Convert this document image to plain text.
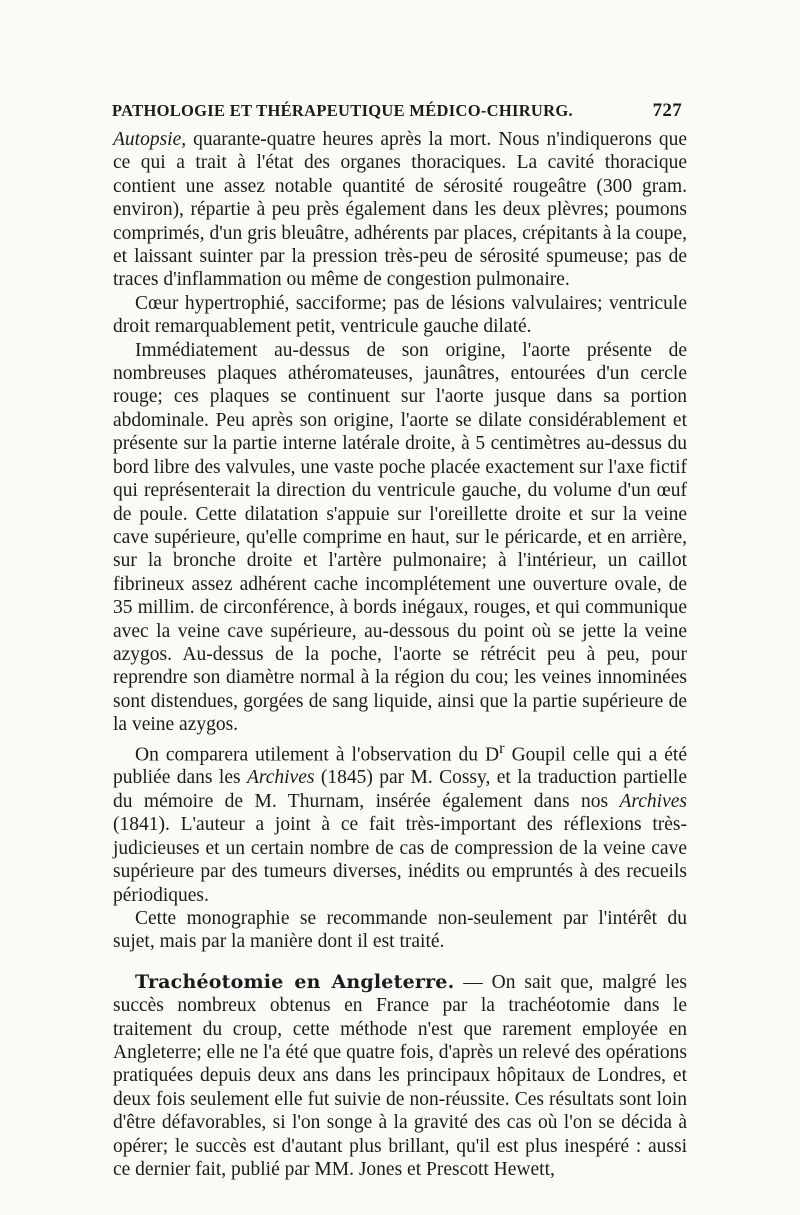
PATHOLOGIE ET THÉRAPEUTIQUE MÉDICO-CHIRURG.	727

Autopsie, quarante-quatre heures après la mort. Nous n'indiquerons que ce qui a trait à l'état des organes thoraciques. La cavité thoracique contient une assez notable quantité de sérosité rougeâtre (300 gram. environ), répartie à peu près également dans les deux plèvres; poumons comprimés, d'un gris bleuâtre, adhérents par places, crépitants à la coupe, et laissant suinter par la pression très-peu de sérosité spumeuse; pas de traces d'inflammation ou même de congestion pulmonaire.

Cœur hypertrophié, sacciforme; pas de lésions valvulaires; ventricule droit remarquablement petit, ventricule gauche dilaté.

Immédiatement au-dessus de son origine, l'aorte présente de nombreuses plaques athéromateuses, jaunâtres, entourées d'un cercle rouge; ces plaques se continuent sur l'aorte jusque dans sa portion abdominale. Peu après son origine, l'aorte se dilate considérablement et présente sur la partie interne latérale droite, à 5 centimètres au-dessus du bord libre des valvules, une vaste poche placée exactement sur l'axe fictif qui représenterait la direction du ventricule gauche, du volume d'un œuf de poule. Cette dilatation s'appuie sur l'oreillette droite et sur la veine cave supérieure, qu'elle comprime en haut, sur le péricarde, et en arrière, sur la bronche droite et l'artère pulmonaire; à l'intérieur, un caillot fibrineux assez adhérent cache incomplétement une ouverture ovale, de 35 millim. de circonférence, à bords inégaux, rouges, et qui communique avec la veine cave supérieure, au-dessous du point où se jette la veine azygos. Au-dessus de la poche, l'aorte se rétrécit peu à peu, pour reprendre son diamètre normal à la région du cou; les veines innominées sont distendues, gorgées de sang liquide, ainsi que la partie supérieure de la veine azygos.

On comparera utilement à l'observation du $D^r$ Goupil celle qui a été publiée dans les Archives (1845) par M. Cossy, et la traduction partielle du mémoire de M. Thurnam, insérée également dans nos Archives (1841). L'auteur a joint à ce fait très-important des réflexions très-judicieuses et un certain nombre de cas de compression de la veine cave supérieure par des tumeurs diverses, inédits ou empruntés à des recueils périodiques.

Cette monographie se recommande non-seulement par l'intérêt du sujet, mais par la manière dont il est traité.

Trachéotomie en Angleterre. — On sait que, malgré les succès nombreux obtenus en France par la trachéotomie dans le traitement du croup, cette méthode n'est que rarement employée en Angleterre; elle ne l'a été que quatre fois, d'après un relevé des opérations pratiquées depuis deux ans dans les principaux hôpitaux de Londres, et deux fois seulement elle fut suivie de non-réussite. Ces résultats sont loin d'être défavorables, si l'on songe à la gravité des cas où l'on se décida à opérer; le succès est d'autant plus brillant, qu'il est plus inespéré : aussi ce dernier fait, publié par MM. Jones et Prescott Hewett,
